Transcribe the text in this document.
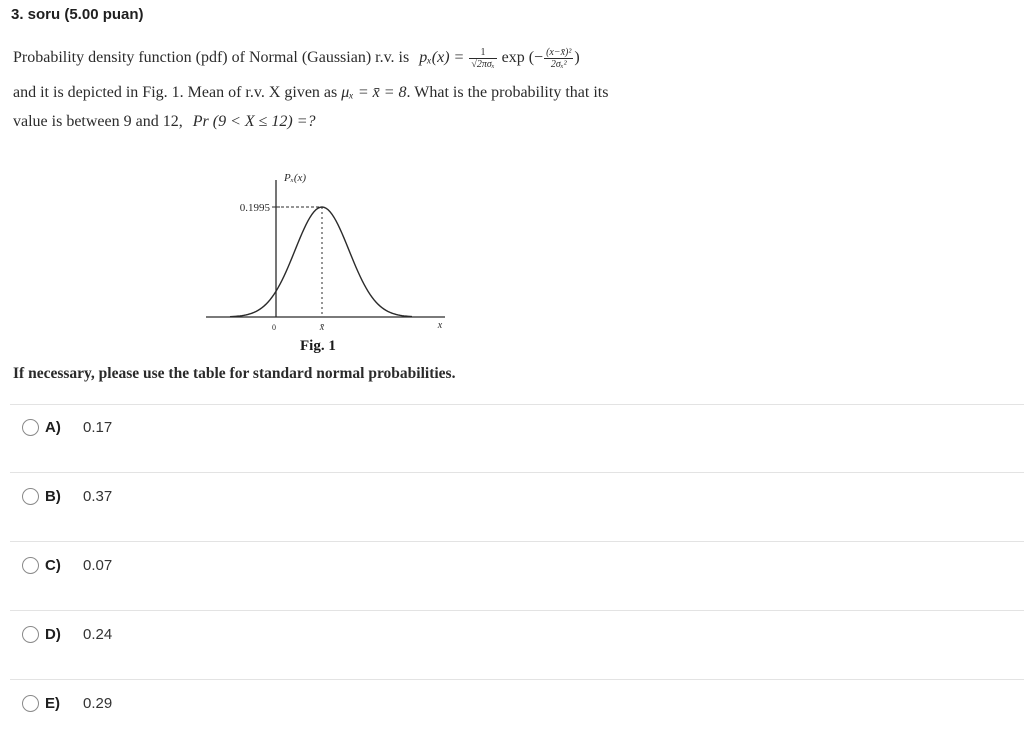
3. soru (5.00 puan)
Probability density function (pdf) of Normal (Gaussian) r.v. is $p_x(x) = \frac{1}{\text{√2πσₓ}}$ exp (− $\frac{\text{(x−x̄)²}}{\text{2σₓ²}}$ )
and it is depicted in Fig. 1. Mean of r.v. X given as μₓ = x̄ = 8. What is the probability that its
value is between 9 and 12, Pr (9 < X ≤ 12) =?
0.1995
Pₓ(x)
0	x̄	x
Fig. 1
If necessary, please use the table for standard normal probabilities.
A)	0.17
B)	0.37
C)	0.07
D)	0.24
E)	0.29
